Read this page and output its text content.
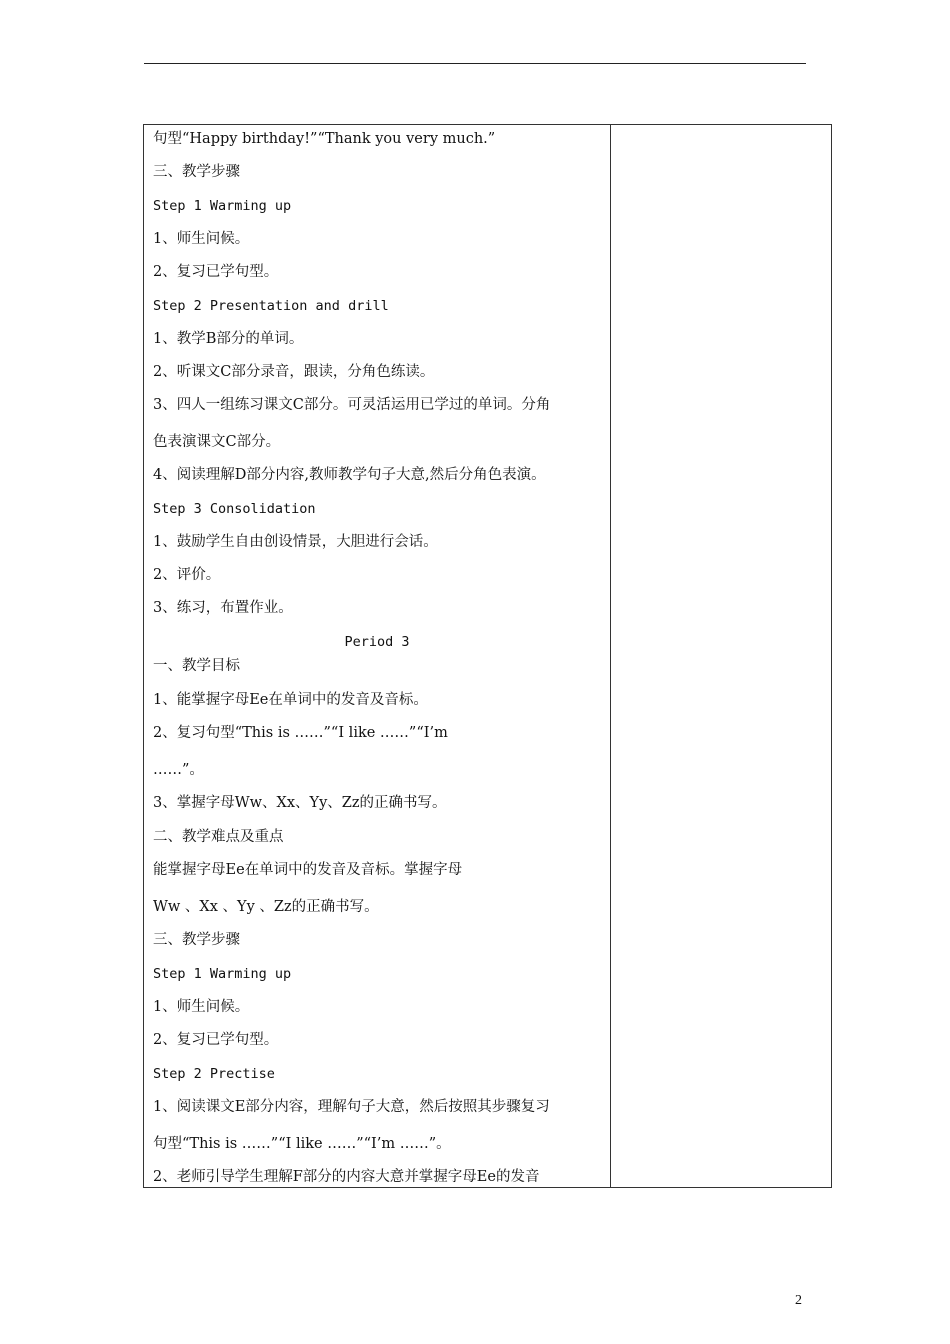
句型“Happy birthday!”“Thank you very much.”
三、教学步骤
Step 1 Warming up
1、师生问候。
2、复习已学句型。
Step 2 Presentation and drill
1、教学B部分的单词。
2、听课文C部分录音，跟读，分角色练读。
3、四人一组练习课文C部分。可灵活运用已学过的单词。分角
色表演课文C部分。
4、阅读理解D部分内容,教师教学句子大意,然后分角色表演。
Step 3 Consolidation
1、鼓励学生自由创设情景，大胆进行会话。
2、评价。
3、练习，布置作业。
Period 3
一、教学目标
1、能掌握字母Ee在单词中的发音及音标。
2、复习句型“This is ……”“I like ……”“I’m
……”。
3、掌握字母Ww、Xx、Yy、Zz的正确书写。
二、教学难点及重点
能掌握字母Ee在单词中的发音及音标。掌握字母
Ww 、Xx 、Yy 、Zz的正确书写。
三、教学步骤
Step 1 Warming up
1、师生问候。
2、复习已学句型。
Step 2 Prectise
1、阅读课文E部分内容，理解句子大意，然后按照其步骤复习
句型“This is ……”“I like ……”“I’m ……”。
2、老师引导学生理解F部分的内容大意并掌握字母Ee的发音
2
